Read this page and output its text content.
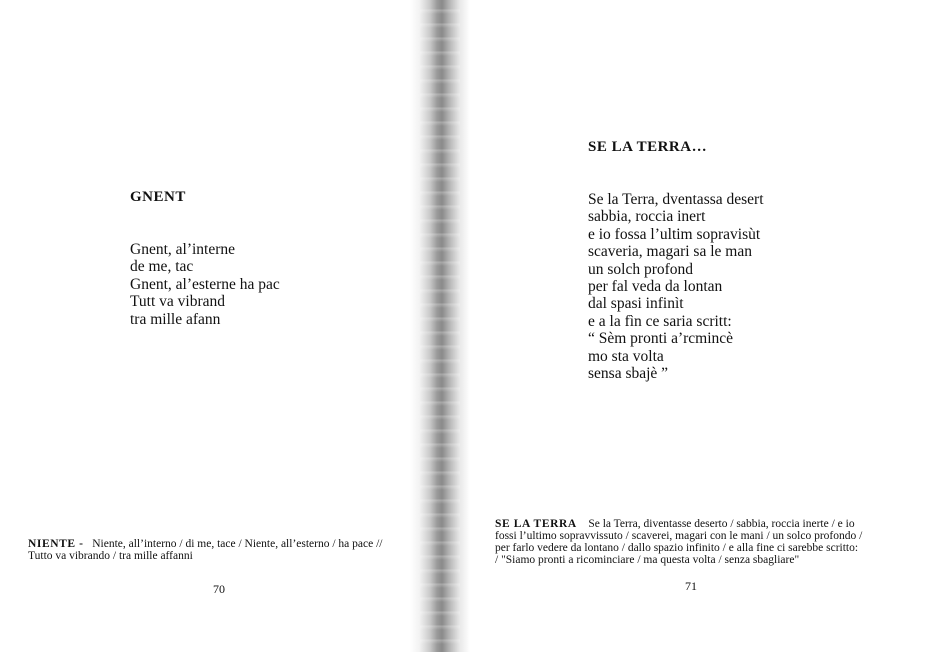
GNENT
Gnent, al’interne
de me, tac
Gnent, al’esterne ha pac
Tutt va vibrand
tra mille afann
NIENTE - Niente, all’interno / di me, tace / Niente, all’esterno / ha pace //
Tutto va vibrando / tra mille affanni
70
SE LA TERRA…
Se la Terra, dventassa desert
sabbia, roccia inert
e io fossa l’ultim sopravisùt
scaveria, magari sa le man
un solch profond
per fal veda da lontan
dal spasi infinìt
e a la fìn ce saria scritt:
“ Sèm pronti a’rcmincè
mo sta volta
sensa sbajè ”
SE LA TERRA Se la Terra, diventasse deserto / sabbia, roccia inerte / e io
fossi l’ultimo sopravvissuto / scaverei, magari con le mani / un solco profondo /
per farlo vedere da lontano / dallo spazio infinito / e alla fine ci sarebbe scritto:
/ "Siamo pronti a ricominciare / ma questa volta / senza sbagliare"
71
